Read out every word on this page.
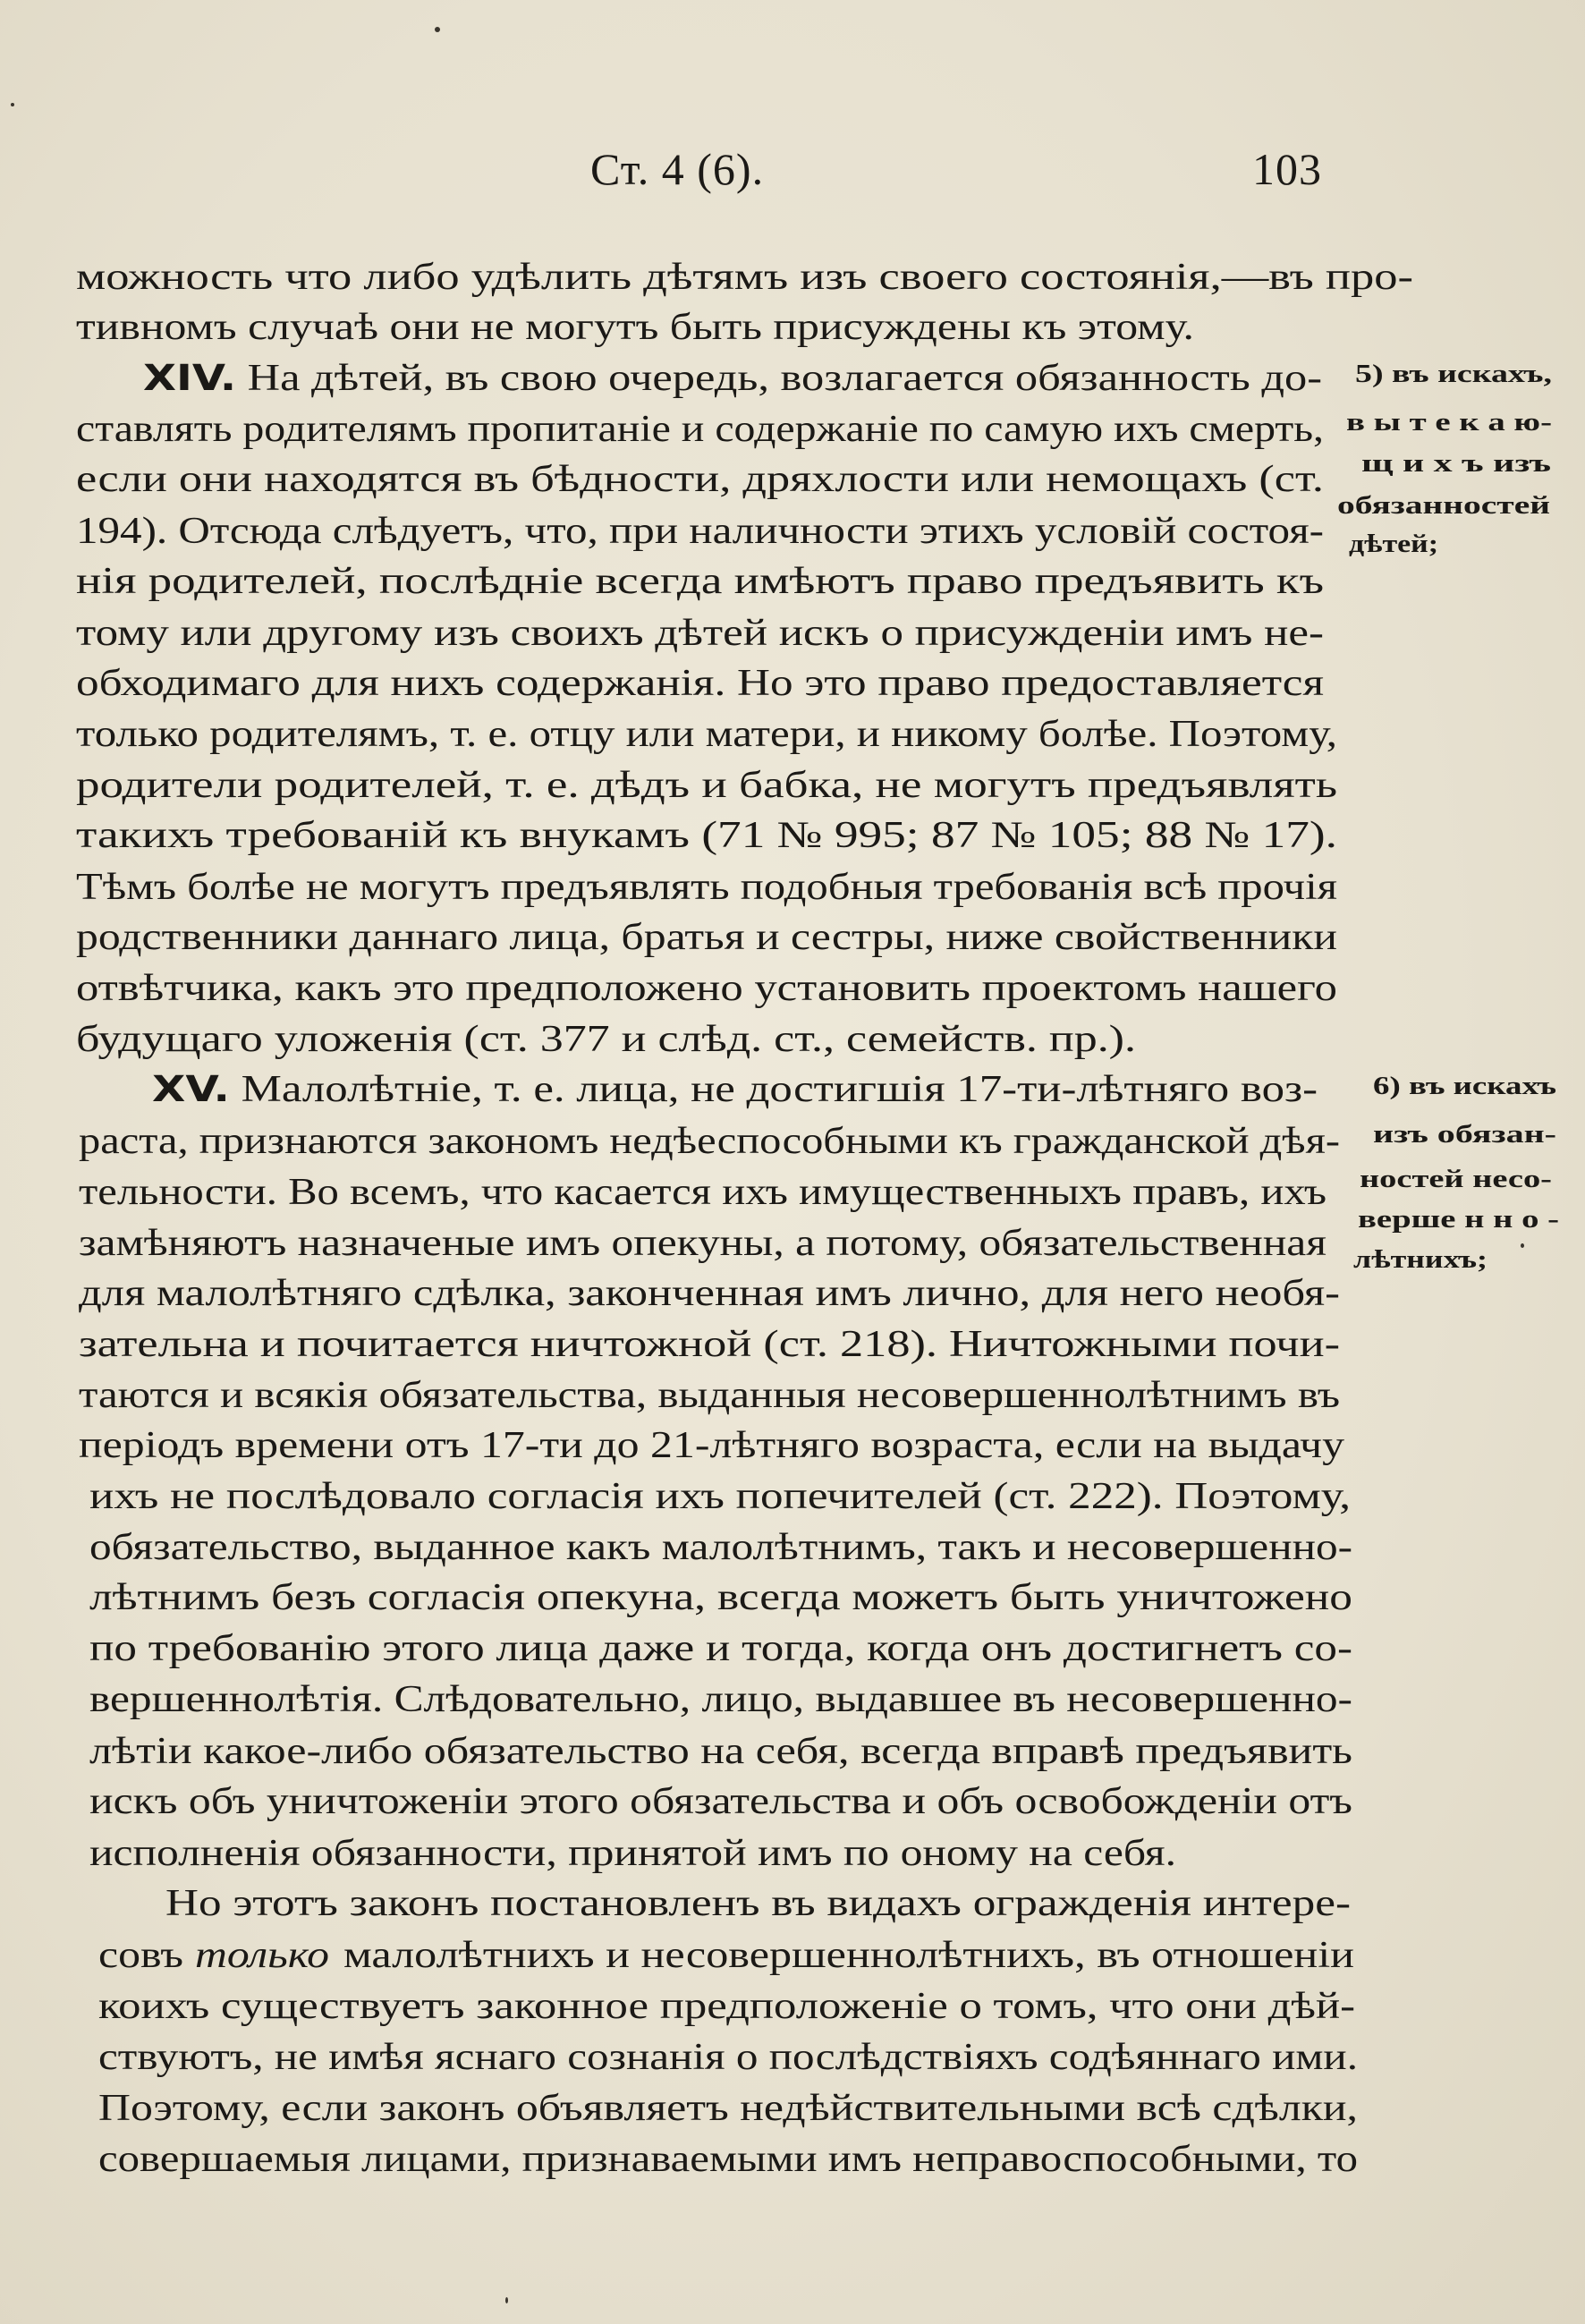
Ст. 4 (6).	103
можность что либо удѣлить дѣтямъ изъ своего состоянія,—въ про-
тивномъ случаѣ они не могутъ быть присуждены къ этому.
XIV. На дѣтей, въ свою очередь, возлагается обязанность до-
ставлять родителямъ пропитаніе и содержаніе по самую ихъ смерть,
если они находятся въ бѣдности, дряхлости или немощахъ (ст.
194). Отсюда слѣдуетъ, что, при наличности этихъ условій состоя-
нія родителей, послѣдніе всегда имѣютъ право предъявить къ
тому или другому изъ своихъ дѣтей искъ о присужденіи имъ не-
обходимаго для нихъ содержанія. Но это право предоставляется
только родителямъ, т. е. отцу или матери, и никому болѣе. Поэтому,
родители родителей, т. е. дѣдъ и бабка, не могутъ предъявлять
такихъ требованій къ внукамъ (71 № 995; 87 № 105; 88 № 17).
Тѣмъ болѣе не могутъ предъявлять подобныя требованія всѣ прочія
родственники даннаго лица, братья и сестры, ниже свойственники
отвѣтчика, какъ это предположено установить проектомъ нашего
будущаго уложенія (ст. 377 и слѣд. ст., семейств. пр.).
XV. Малолѣтніе, т. е. лица, не достигшія 17-ти-лѣтняго воз-
раста, признаются закономъ недѣеспособными къ гражданской дѣя-
тельности. Во всемъ, что касается ихъ имущественныхъ правъ, ихъ
замѣняютъ назначеные имъ опекуны, а потому, обязательственная
для малолѣтняго сдѣлка, законченная имъ лично, для него необя-
зательна и почитается ничтожной (ст. 218). Ничтожными почи-
таются и всякія обязательства, выданныя несовершеннолѣтнимъ въ
періодъ времени отъ 17-ти до 21-лѣтняго возраста, если на выдачу
ихъ не послѣдовало согласія ихъ попечителей (ст. 222). Поэтому,
обязательство, выданное какъ малолѣтнимъ, такъ и несовершенно-
лѣтнимъ безъ согласія опекуна, всегда можетъ быть уничтожено
по требованію этого лица даже и тогда, когда онъ достигнетъ со-
вершеннолѣтія. Слѣдовательно, лицо, выдавшее въ несовершенно-
лѣтіи какое-либо обязательство на себя, всегда вправѣ предъявить
искъ объ уничтоженіи этого обязательства и объ освобожденіи отъ
исполненія обязанности, принятой имъ по оному на себя.
Но этотъ законъ постановленъ въ видахъ огражденія интере-

совъ

только

малолѣтнихъ и несовершеннолѣтнихъ, въ отношеніи

коихъ существуетъ законное предположеніе о томъ, что они дѣй-
ствуютъ, не имѣя яснаго сознанія о послѣдствіяхъ содѣяннаго ими.
Поэтому, если законъ объявляетъ недѣйствительными всѣ сдѣлки,
совершаемыя лицами, признаваемыми имъ неправоспособными, то
5) въ искахъ,
в ы т е к а ю-
щ и х ъ изъ
обязанностей
дѣтей;
6) въ искахъ
изъ обязан-
ностей несо-
верше н н о -
лѣтнихъ;
